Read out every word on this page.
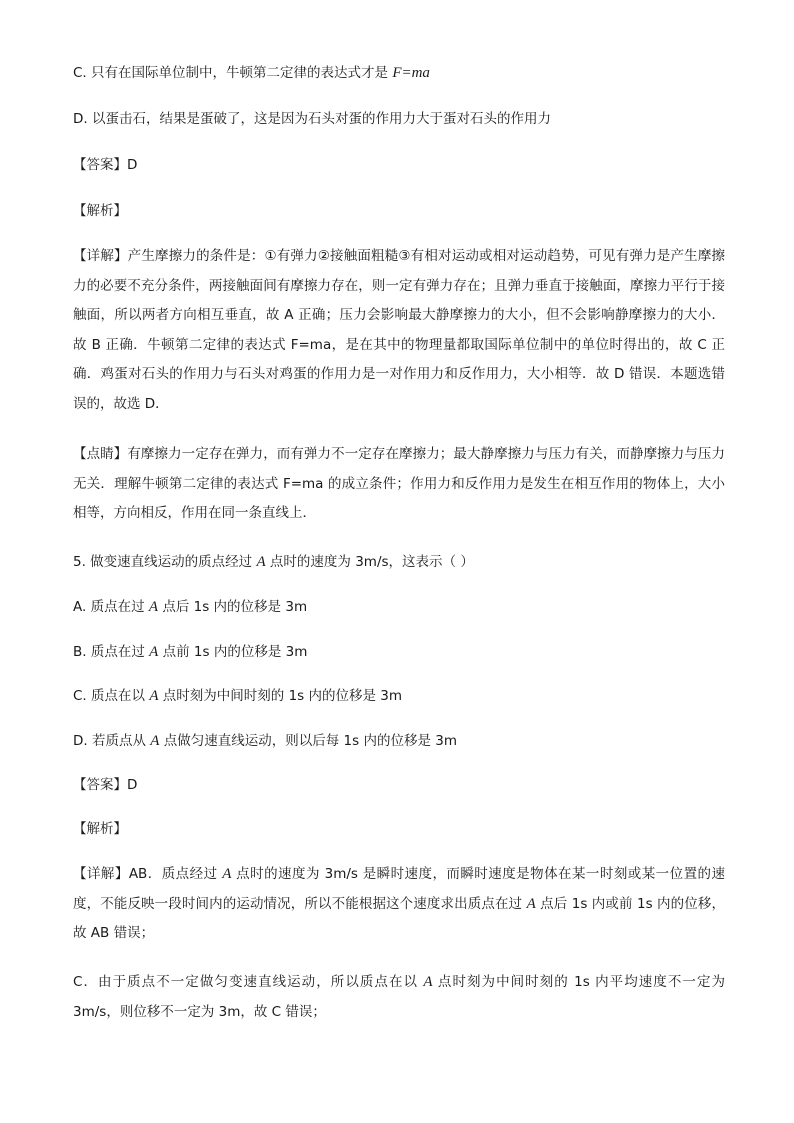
C. 只有在国际单位制中，牛顿第二定律的表达式才是 F=ma
D. 以蛋击石，结果是蛋破了，这是因为石头对蛋的作用力大于蛋对石头的作用力
【答案】D
【解析】
【详解】产生摩擦力的条件是：①有弹力②接触面粗糙③有相对运动或相对运动趋势，可见有弹力是产生摩擦力的必要不充分条件，两接触面间有摩擦力存在，则一定有弹力存在；且弹力垂直于接触面，摩擦力平行于接触面，所以两者方向相互垂直，故 A 正确；压力会影响最大静摩擦力的大小，但不会影响静摩擦力的大小．故 B 正确．牛顿第二定律的表达式 F=ma，是在其中的物理量都取国际单位制中的单位时得出的，故 C 正确．鸡蛋对石头的作用力与石头对鸡蛋的作用力是一对作用力和反作用力，大小相等．故 D 错误．本题选错误的，故选 D．
【点睛】有摩擦力一定存在弹力，而有弹力不一定存在摩擦力；最大静摩擦力与压力有关，而静摩擦力与压力无关．理解牛顿第二定律的表达式 F=ma 的成立条件；作用力和反作用力是发生在相互作用的物体上，大小相等，方向相反，作用在同一条直线上．
5. 做变速直线运动的质点经过 A 点时的速度为 3m/s，这表示（ ）
A. 质点在过 A 点后 1s 内的位移是 3m
B. 质点在过 A 点前 1s 内的位移是 3m
C. 质点在以 A 点时刻为中间时刻的 1s 内的位移是 3m
D. 若质点从 A 点做匀速直线运动，则以后每 1s 内的位移是 3m
【答案】D
【解析】
【详解】AB．质点经过 A 点时的速度为 3m/s 是瞬时速度，而瞬时速度是物体在某一时刻或某一位置的速度，不能反映一段时间内的运动情况，所以不能根据这个速度求出质点在过 A 点后 1s 内或前 1s 内的位移，故 AB 错误；
C．由于质点不一定做匀变速直线运动，所以质点在以 A 点时刻为中间时刻的 1s 内平均速度不一定为 3m/s，则位移不一定为 3m，故 C 错误；
